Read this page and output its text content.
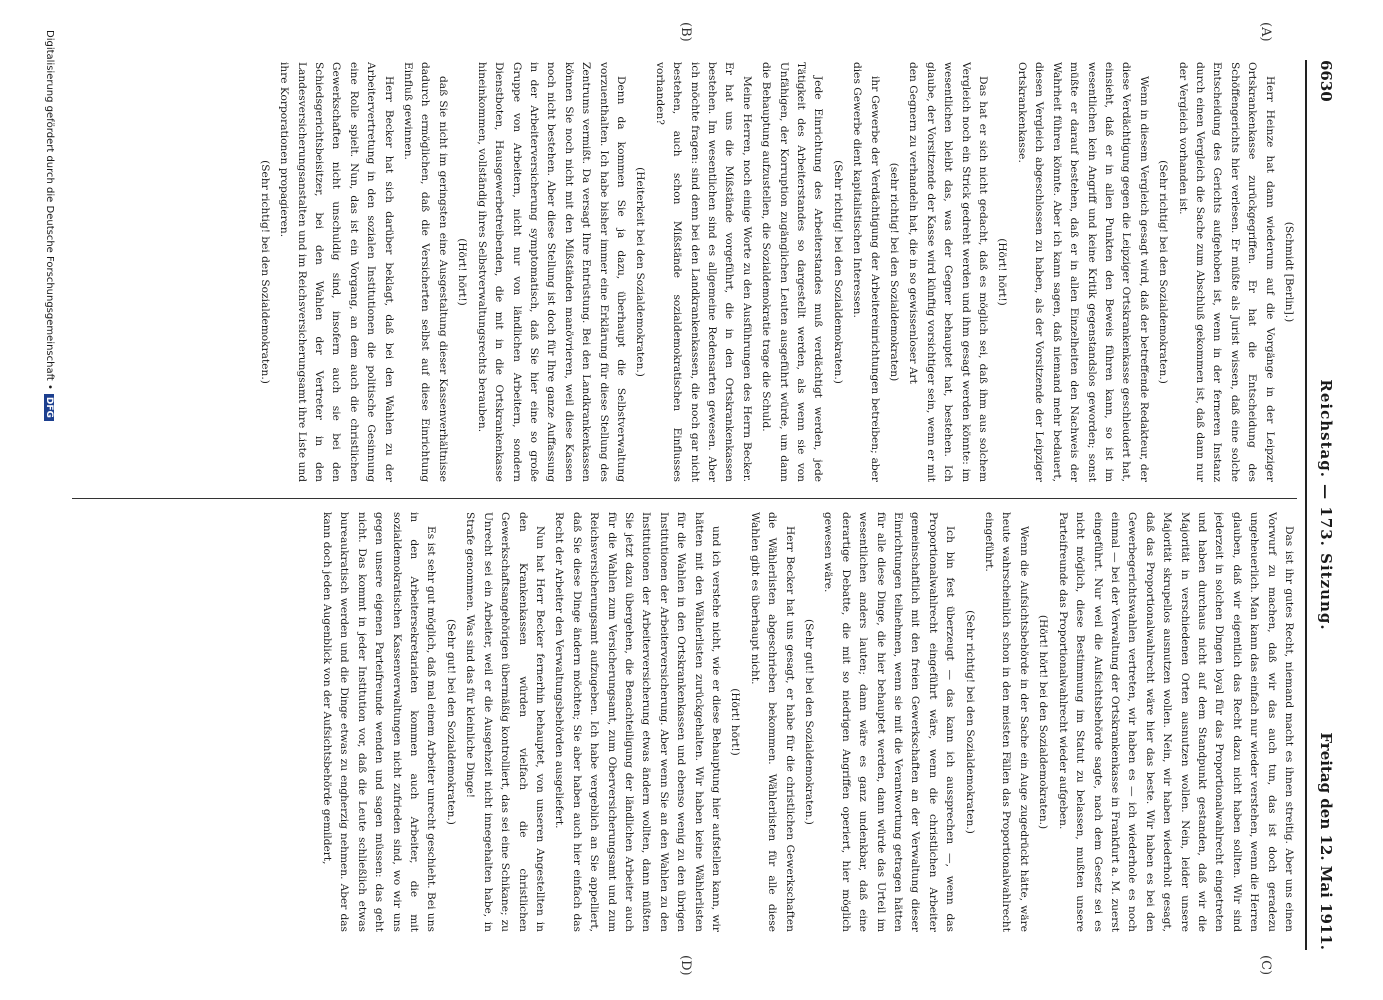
6630
Reichstag. — 173. Sitzung.
Freitag den 12. Mai 1911.
(A)
(B)
(C)
(D)

(Schmidt [Berlin].)

Herr Heinze hat dann wiederum auf die Vorgänge in der Leipziger Ortskrankenkasse zurückgegriffen. Er hat die Entscheidung des Schöffengerichts hier verlesen. Er müßte als Jurist wissen, daß eine solche Entscheidung des Gerichts aufgehoben ist, wenn in der ferneren Instanz durch einen Vergleich die Sache zum Abschluß gekommen ist, daß dann nur der Vergleich vorhanden ist.

(Sehr richtig! bei den Sozialdemokraten.)

Wenn in diesem Vergleich gesagt wird, daß der betreffende Redakteur, der diese Verdächtigung gegen die Leipziger Ortskrankenkasse geschleudert hat, einsieht, daß er in allen Punkten den Beweis führen kann, so ist im wesentlichen kein Angriff und keine Kritik gegenstandslos geworden; sonst müßte er darauf bestehen, daß er in allen Einzelheiten den Nachweis der Wahrheit führen könnte. Aber ich kann sagen, daß niemand mehr bedauert, diesen Vergleich abgeschlossen zu haben, als der Vorsitzende der Leipziger Ortskrankenkasse.

(Hört! hört!)

Das hat er sich nicht gedacht, daß es möglich sei, daß ihm aus solchem Vergleich noch ein Strick gedreht werden und ihm gesagt werden könnte: im wesentlichen bleibt das, was der Gegner behauptet hat, bestehen. Ich glaube, der Vorsitzende der Kasse wird künftig vorsichtiger sein, wenn er mit den Gegnern zu verhandeln hat, die in so gewissenloser Art

(sehr richtig! bei den Sozialdemokraten)

ihr Gewerbe der Verdächtigung der Arbeitereinrichtungen betreiben; aber dies Gewerbe dient kapitalistischen Interessen.

(Sehr richtig! bei den Sozialdemokraten.)

Jede Einrichtung des Arbeiterstandes muß verdächtigt werden, jede Tätigkeit des Arbeiterstandes so dargestellt werden, als wenn sie von Unfähigen, der Korruption zugänglichen Leuten ausgeführt würde, um dann die Behauptung aufzustellen, die Sozialdemokratie trage die Schuld.

Meine Herren, noch einige Worte zu den Ausführungen des Herrn Becker. Er hat uns die Mißstände vorgeführt, die in den Ortskrankenkassen bestehen. Im wesentlichen sind es allgemeine Redensarten gewesen. Aber ich möchte fragen: sind denn bei den Landkrankenkassen, die noch gar nicht bestehen, auch schon Mißstände sozialdemokratischen Einflusses vorhanden?

(Heiterkeit bei den Sozialdemokraten.)

Denn da kommen Sie ja dazu, überhaupt die Selbstverwaltung vorzuenthalten. Ich habe bisher immer eine Erklärung für diese Stellung des Zentrums vermißt. Da versagt Ihre Entrüstung. Bei den Landkrankenkassen können Sie noch nicht mit den Mißständen manövrieren, weil diese Kassen noch nicht bestehen. Aber diese Stellung ist doch für Ihre ganze Auffassung in der Arbeiterversicherung symptomatisch, daß Sie hier eine so große Gruppe von Arbeitern, nicht nur von ländlichen Arbeitern, sondern Dienstboten, Hausgewerbetreibenden, die mit in die Ortskrankenkasse hineinkommen, vollständig ihres Selbstverwaltungsrechts berauben.

(Hört! hört!)

daß Sie nicht im geringsten eine Ausgestaltung dieser Kassenverhältnisse dadurch ermöglichen, daß die Versicherten selbst auf diese Einrichtung Einfluß gewinnen.

Herr Becker hat sich darüber beklagt, daß bei den Wahlen zu der Arbeitervertretung in den sozialen Institutionen die politische Gesinnung eine Rolle spielt. Nun, das ist ein Vorgang, an dem auch die christlichen Gewerkschaften nicht unschuldig sind, insofern auch sie bei den Schiedsgerichtsbeisitzer, bei den Wahlen der Vertreter in den Landesversicherungsanstalten und im Reichsversicherungsamt ihre Liste und ihre Korporationen propagieren.

(Sehr richtig! bei den Sozialdemokraten.)

Das ist ihr gutes Recht, niemand macht es ihnen streitig. Aber uns einen Vorwurf zu machen, daß wir das auch tun, das ist doch geradezu ungeheuerlich. Man kann das einfach nur wieder verstehen, wenn die Herren glauben, daß wir eigentlich das Recht dazu nicht haben sollten. Wir sind jederzeit in solchen Dingen loyal für das Proportionalwahlrecht eingetreten und haben durchaus nicht auf dem Standpunkt gestanden, daß wir die Majorität in verschiedenen Orten ausnutzen wollen. Nein, leider unsere Majorität skrupellos ausnutzen wollen. Nein, wir haben wiederholt gesagt, daß das Proportionalwahlrecht wäre hier das beste. Wir haben es bei den Gewerbegerichtswahlen vertreten, wir haben es — ich wiederhole es noch einmal — bei der Verwaltung der Ortskrankenkasse in Frankfurt a. M. zuerst eingeführt. Nur weil die Aufsichtsbehörde sagte, nach dem Gesetz sei es nicht möglich, diese Bestimmung im Statut zu belassen, mußten unsere Parteifreunde das Proportionalwahlrecht wieder aufgeben.

(Hört! hört! bei den Sozialdemokraten.)

Wenn die Aufsichtsbehörde in der Sache ein Auge zugedrückt hätte, wäre heute wahrscheinlich schon in den meisten Fällen das Proportionalwahlrecht eingeführt.

(Sehr richtig! bei den Sozialdemokraten.)

Ich bin fest überzeugt — das kann ich aussprechen —, wenn das Proportionalwahlrecht eingeführt wäre, wenn die christlichen Arbeiter gemeinschaftlich mit den freien Gewerkschaften an der Verwaltung dieser Einrichtungen teilnehmen, wenn sie mit die Verantwortung getragen hätten für alle diese Dinge, die hier behauptet werden, dann würde das Urteil im wesentlichen anders lauten; dann wäre es ganz undenkbar, daß eine derartige Debatte, die mit so niedrigen Angriffen operiert, hier möglich gewesen wäre.

(Sehr gut! bei den Sozialdemokraten.)

Herr Becker hat uns gesagt, er habe für die christlichen Gewerkschaften die Wählerlisten abgeschrieben bekommen. Wählerlisten für alle diese Wahlen gibt es überhaupt nicht.

(Hört! hört!)

und ich verstehe nicht, wie er diese Behauptung hier aufstellen kann, wir hätten mit den Wählerlisten zurückgehalten. Wir haben keine Wählerlisten für die Wahlen in den Ortskrankenkassen und ebenso wenig zu den übrigen Institutionen der Arbeiterversicherung. Aber wenn Sie an den Wahlen zu den Institutionen der Arbeiterversicherung etwas ändern wollten, dann müßten Sie jetzt dazu übergehen, die Benachteiligung der ländlichen Arbeiter auch für die Wahlen zum Versicherungsamt, zum Oberversicherungsamt und zum Reichsversicherungsamt aufzugeben. Ich habe vergeblich an Sie appelliert, daß Sie diese Dinge ändern möchten; Sie aber haben auch hier einfach das Recht der Arbeiter den Verwaltungsbehörden ausgeliefert.

Nun hat Herr Becker fernerhin behauptet, von unseren Angestellten in den Krankenkassen würden vielfach die christlichen Gewerkschaftsangehörigen übermäßig kontrolliert, das sei eine Schikane; zu Unrecht sei ein Arbeiter, weil er die Ausgehzeit nicht innegehalten habe, in Strafe genommen. Was sind das für kleinliche Dinge!

(Sehr gut! bei den Sozialdemokraten.)

Es ist sehr gut möglich, daß mal einem Arbeiter unrecht geschieht. Bei uns in den Arbeitersekretariaten kommen auch Arbeiter, die mit sozialdemokratischen Kassenverwaltungen nicht zufrieden sind, wo wir uns gegen unsere eigenen Parteifreunde wenden und sagen müssen: das geht nicht. Das kommt in jeder Institution vor, daß die Leute schließlich etwas bureaukratisch werden und die Dinge etwas zu engherzig nehmen. Aber das kann doch jeden Augenblick von der Aufsichtsbehörde gemildert,

Digitalisierung gefördert durch die Deutsche Forschungsgemeinschaft •DFG
